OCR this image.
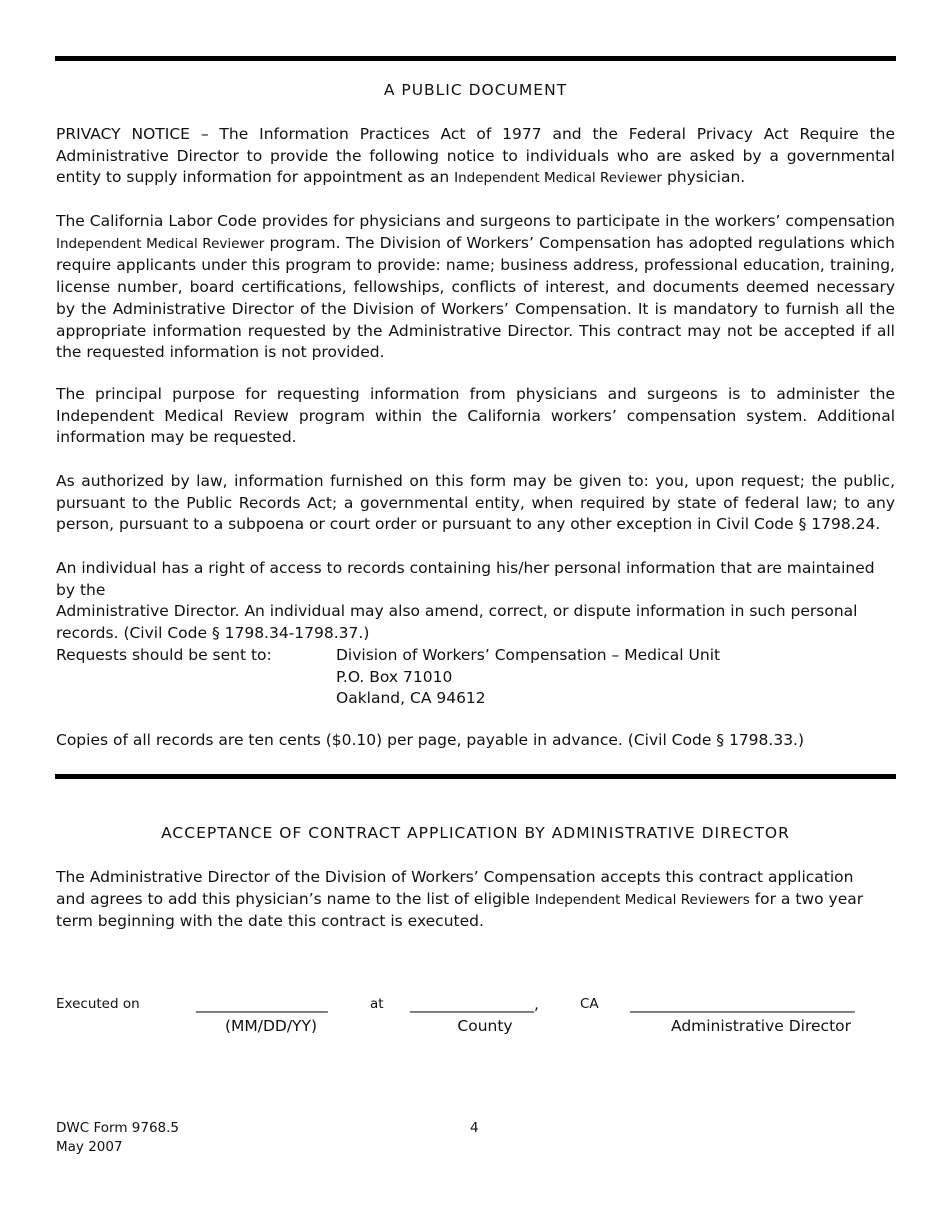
A PUBLIC DOCUMENT

PRIVACY NOTICE – The Information Practices Act of 1977 and the Federal Privacy Act Require the Administrative Director to provide the following notice to individuals who are asked by a governmental entity to supply information for appointment as an Independent Medical Reviewer physician.

The California Labor Code provides for physicians and surgeons to participate in the workers’ compensation Independent Medical Reviewer program. The Division of Workers’ Compensation has adopted regulations which require applicants under this program to provide: name; business address, professional education, training, license number, board certifications, fellowships, conflicts of interest, and documents deemed necessary by the Administrative Director of the Division of Workers’ Compensation. It is mandatory to furnish all the appropriate information requested by the Administrative Director. This contract may not be accepted if all the requested information is not provided.

The principal purpose for requesting information from physicians and surgeons is to administer the Independent Medical Review program within the California workers’ compensation system. Additional information may be requested.

As authorized by law, information furnished on this form may be given to: you, upon request; the public, pursuant to the Public Records Act; a governmental entity, when required by state of federal law; to any person, pursuant to a subpoena or court order or pursuant to any other exception in Civil Code § 1798.24.

An individual has a right of access to records containing his/her personal information that are maintained by the
Administrative Director. An individual may also amend, correct, or dispute information in such personal
records. (Civil Code § 1798.34-1798.37.)
Requests should be sent to:	Division of Workers’ Compensation – Medical Unit
P.O. Box 71010
Oakland, CA 94612

Copies of all records are ten cents ($0.10) per page, payable in advance. (Civil Code § 1798.33.)

ACCEPTANCE OF CONTRACT APPLICATION BY ADMINISTRATIVE DIRECTOR

The Administrative Director of the Division of Workers’ Compensation accepts this contract application and agrees to add this physician’s name to the list of eligible Independent Medical Reviewers for a two year term beginning with the date this contract is executed.

Executed on	_________________	at ________________,	CA _____________________________
(MM/DD/YY)	County	Administrative Director
DWC Form 9768.5
May 2007
4
